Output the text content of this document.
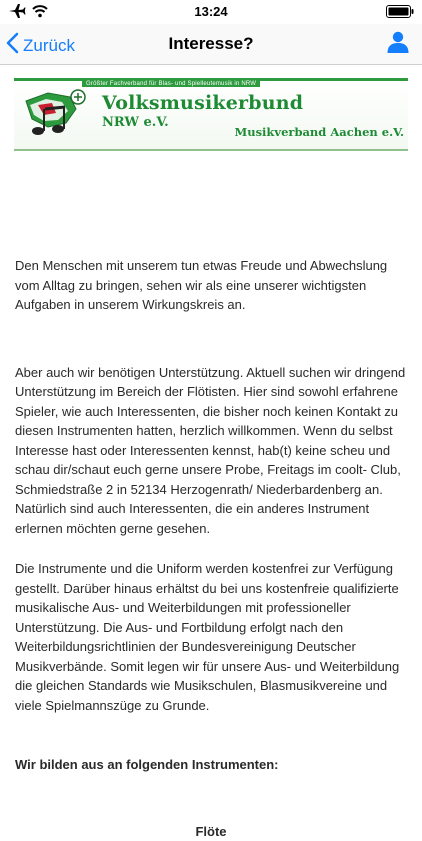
13:24
Zurück	Interesse?
Größter Fachverband für Blas- und Spielleutemusik in NRW
Volksmusikerbund
NRW e.V.
Musikverband Aachen e.V.

Den Menschen mit unserem tun etwas Freude und Abwechslung vom Alltag zu bringen, sehen wir als eine unserer wichtigsten Aufgaben in unserem Wirkungskreis an.

Aber auch wir benötigen Unterstützung. Aktuell suchen wir dringend Unterstützung im Bereich der Flötisten. Hier sind sowohl erfahrene Spieler, wie auch Interessenten, die bisher noch keinen Kontakt zu diesen Instrumenten hatten, herzlich willkommen. Wenn du selbst Interesse hast oder Interessenten kennst, hab(t) keine scheu und schau dir/schaut euch gerne unsere Probe, Freitags im coolt- Club, Schmiedstraße 2 in 52134 Herzogenrath/ Niederbardenberg an. Natürlich sind auch Interessenten, die ein anderes Instrument erlernen möchten gerne gesehen.

Die Instrumente und die Uniform werden kostenfrei zur Verfügung gestellt. Darüber hinaus erhältst du bei uns kostenfreie qualifizierte musikalische Aus- und Weiterbildungen mit professioneller Unterstützung. Die Aus- und Fortbildung erfolgt nach den Weiterbildungsrichtlinien der Bundesvereinigung Deutscher Musikverbände. Somit legen wir für unsere Aus- und Weiterbildung die gleichen Standards wie Musikschulen, Blasmusikvereine und viele Spielmannszüge zu Grunde.

Wir bilden aus an folgenden Instrumenten:

Flöte
